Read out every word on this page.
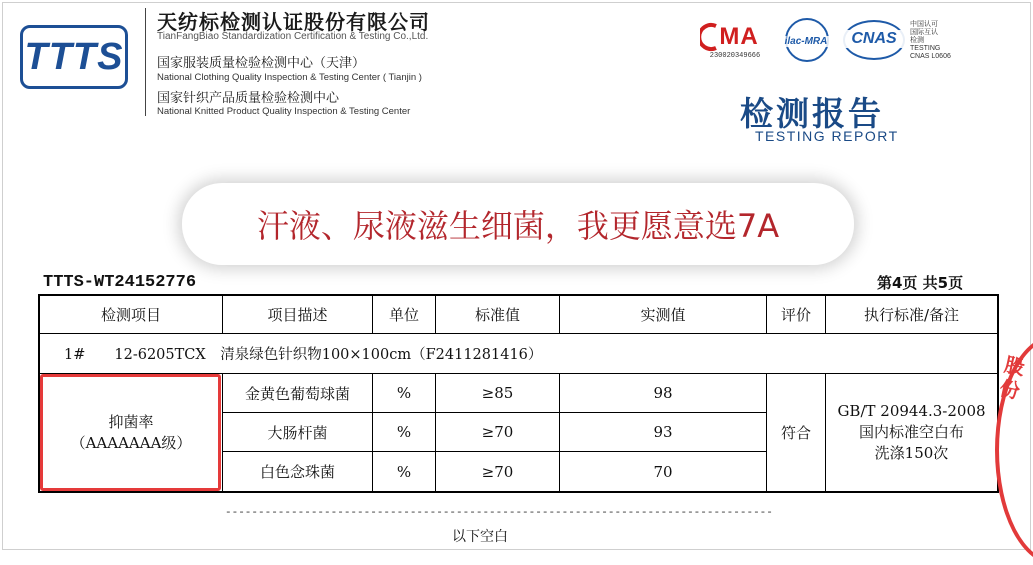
TTTS
天纺标检测认证股份有限公司
TianFangBiao Standardization Certification & Testing Co.,Ltd.
国家服装质量检验检测中心（天津）
National Clothing Quality Inspection & Testing Center ( Tianjin )
国家针织产品质量检验检测中心
National Knitted Product Quality Inspection & Testing Center
MA
230020349666
ilac-MRA	CNAS
中国认可
国际互认
检测
TESTING
CNAS L0606
检测报告
TESTING REPORT
汗液、尿液滋生细菌，我更愿意选7A
TTTS-WT24152776	第4页 共5页
检测项目	项目描述	单位	标准值	实测值	评价	执行标准/备注
1#　　12-6205TCX　清泉绿色针织物100×100cm（F2411281416）
抑菌率
（AAAAAAA级）
金黄色葡萄球菌	%	≥85	98
大肠杆菌	%	≥70	93
白色念珠菌	%	≥70	70
符合
GB/T 20944.3-2008
国内标准空白布
洗涤150次
-----------------------------------------------------------------------------------
以下空白
股份
